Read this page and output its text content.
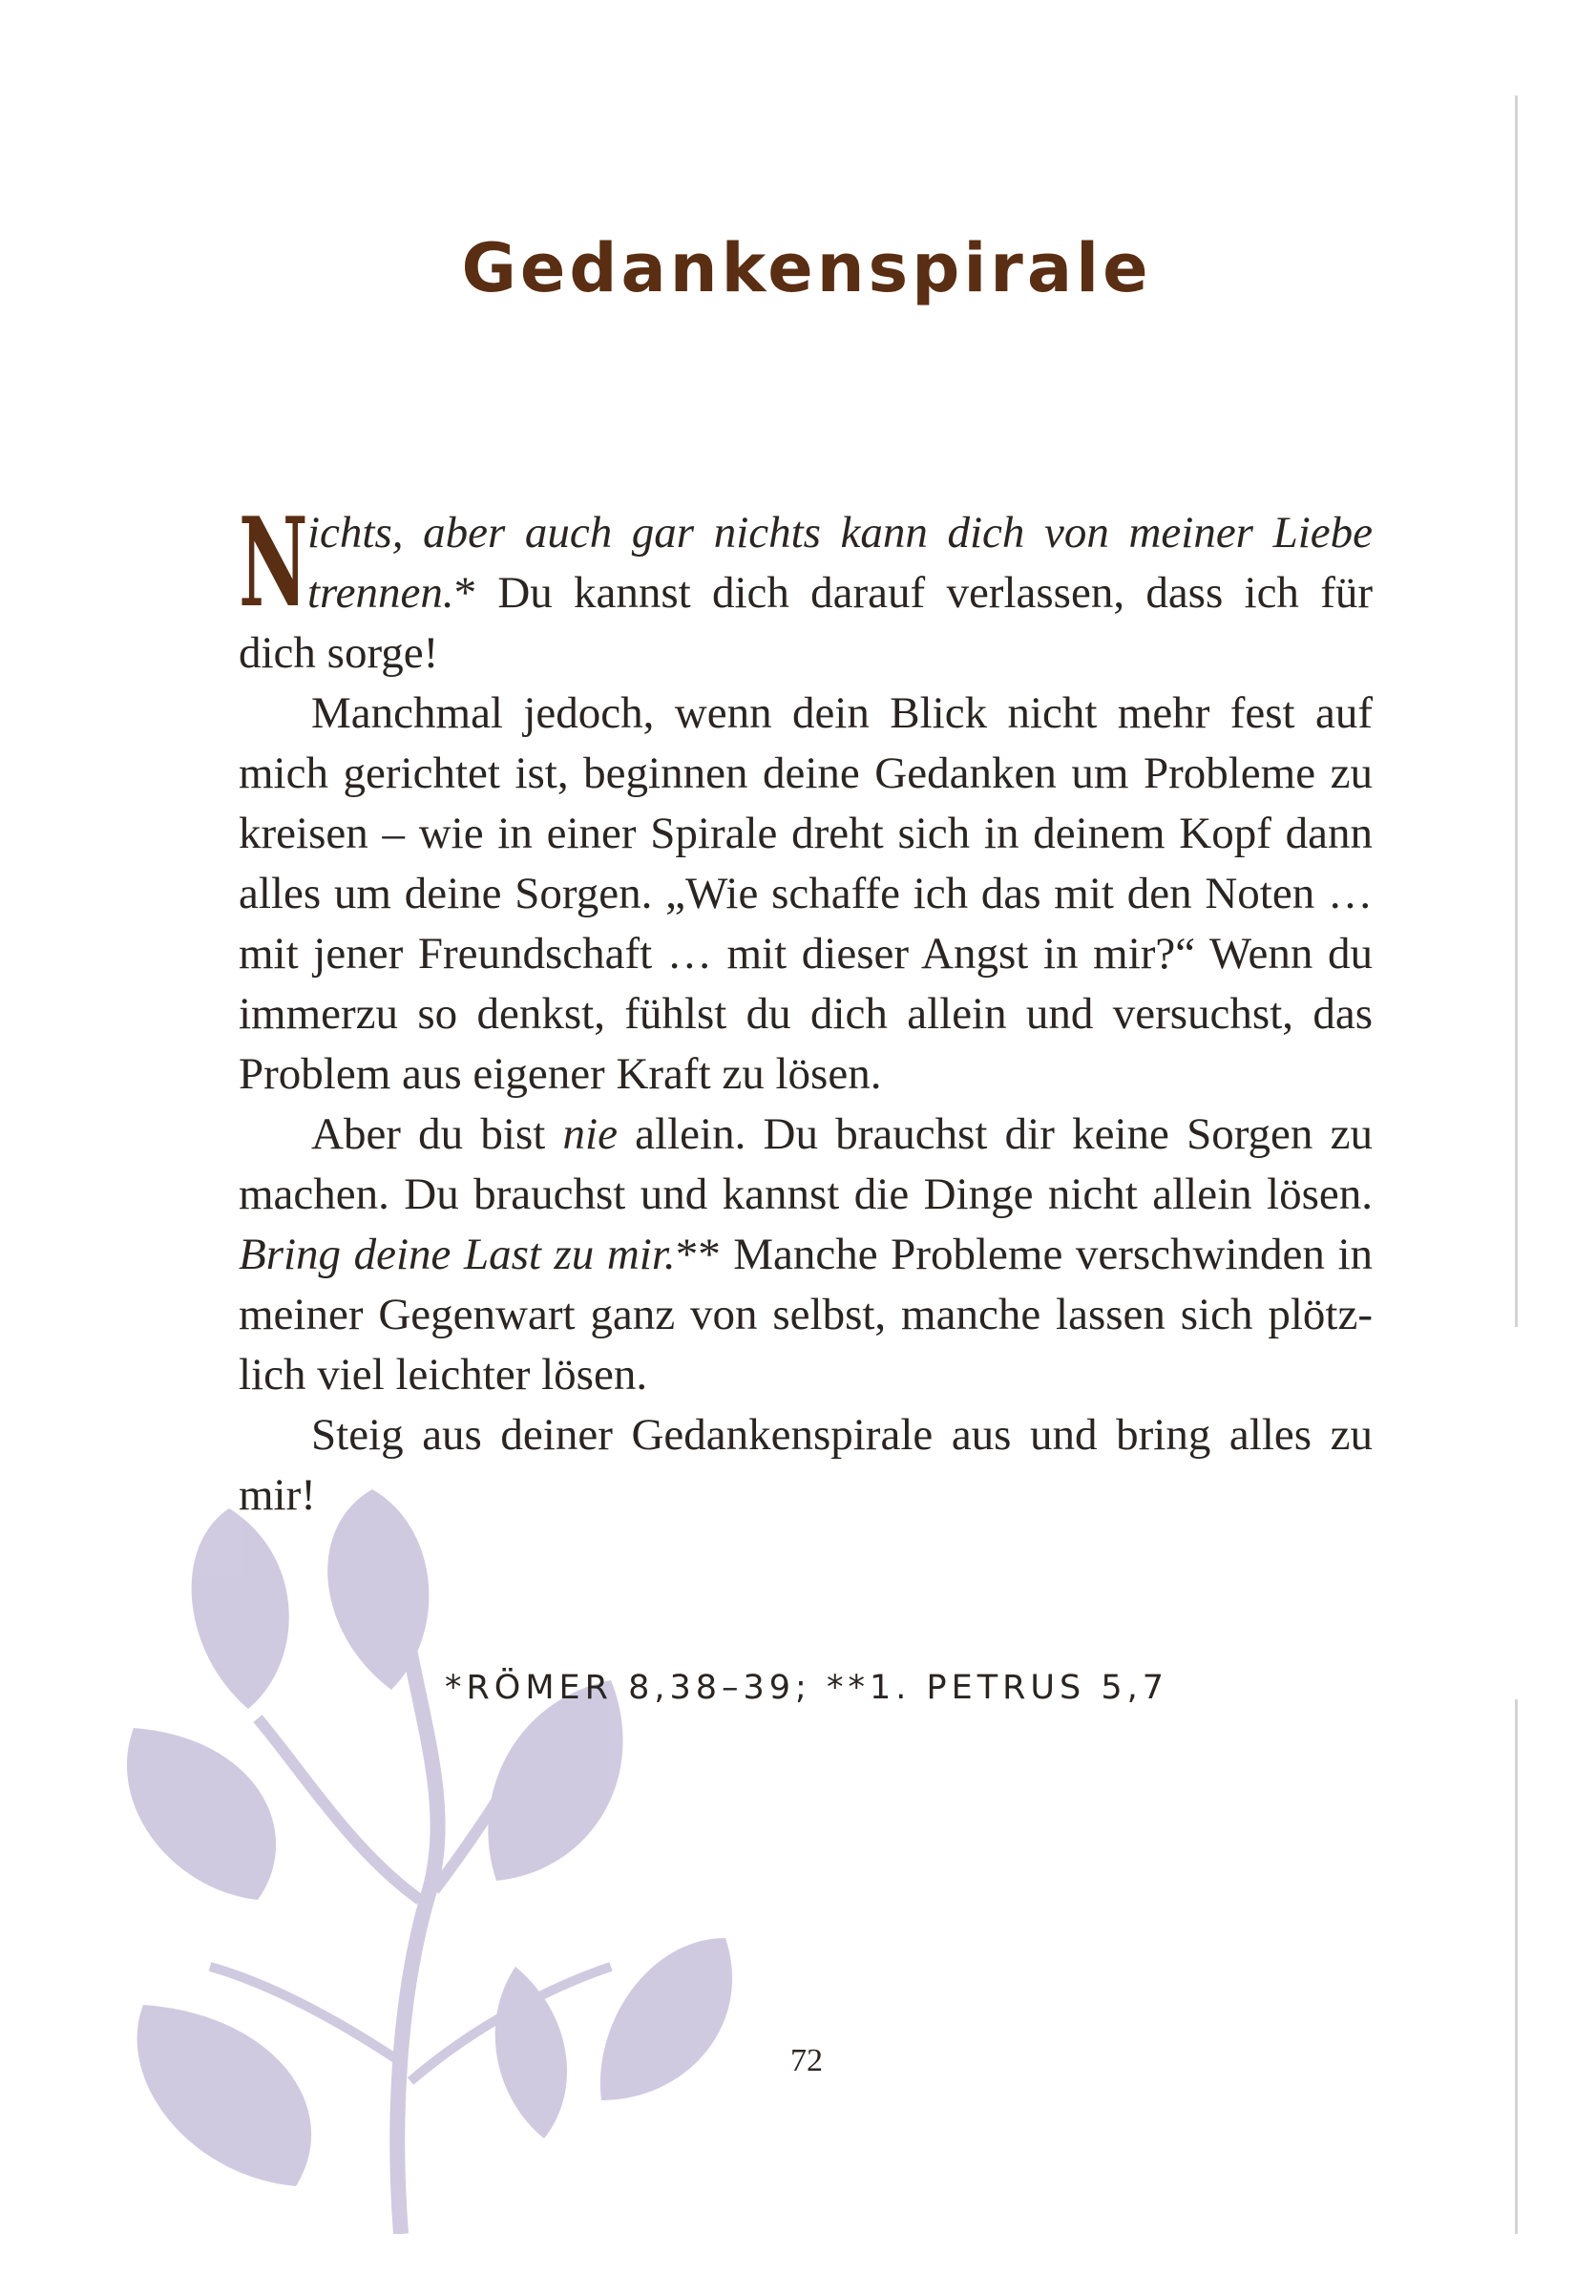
Gedankenspirale

Nichts, aber auch gar nichts kann dich von meiner Liebe trennen.* Du kannst dich darauf verlassen, dass ich für dich sorge!

Manchmal jedoch, wenn dein Blick nicht mehr fest auf mich gerichtet ist, beginnen deine Gedanken um Probleme zu kreisen – wie in einer Spirale dreht sich in deinem Kopf dann alles um deine Sorgen. „Wie schaffe ich das mit den Noten … mit jener Freundschaft … mit dieser Angst in mir?“ Wenn du immerzu so denkst, fühlst du dich allein und versuchst, das Problem aus eigener Kraft zu lösen.

Aber du bist nie allein. Du brauchst dir keine Sorgen zu machen. Du brauchst und kannst die Dinge nicht allein lösen. Bring deine Last zu mir.** Manche Probleme verschwinden in meiner Gegenwart ganz von selbst, manche lassen sich plötzlich viel leichter lösen.

Steig aus deiner Gedankenspirale aus und bring alles zu mir!

*RÖMER 8,38–39; **1. PETRUS 5,7
72
